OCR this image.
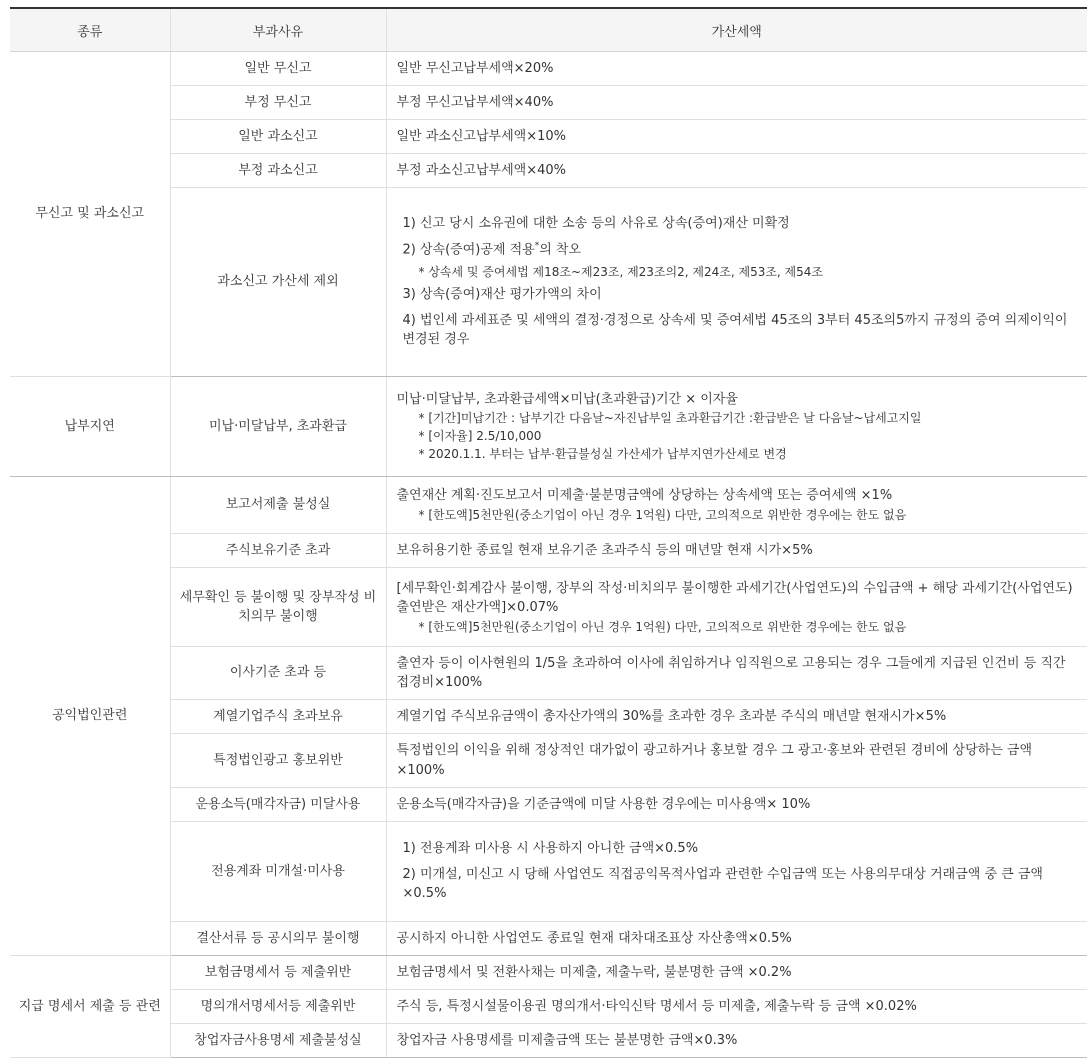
종류	부과사유	가산세액
무신고 및 과소신고	일반 무신고	일반 무신고납부세액×20%
	부정 무신고	부정 무신고납부세액×40%
	일반 과소신고	일반 과소신고납부세액×10%
	부정 과소신고	부정 과소신고납부세액×40%
	과소신고 가산세 제외	1) 신고 당시 소유권에 대한 소송 등의 사유로 상속(증여)재산 미확정
2) 상속(증여)공제 적용*의 착오
* 상속세 및 증여세법 제18조~제23조, 제23조의2, 제24조, 제53조, 제54조
3) 상속(증여)재산 평가가액의 차이
4) 법인세 과세표준 및 세액의 결정·경정으로 상속세 및 증여세법 45조의 3부터 45조의5까지 규정의 증여 의제이익이 변경된 경우

납부지연	미납·미달납부, 초과환급	미납·미달납부, 초과환급세액×미납(초과환급)기간 × 이자율
* [기간]미납기간 : 납부기간 다음날~자진납부일 초과환급기간 :환급받은 날 다음날~납세고지일
* [이자율] 2.5/10,000
* 2020.1.1. 부터는 납부·환급불성실 가산세가 납부지연가산세로 변경

공익법인관련	보고서제출 불성실	출연재산 계획·진도보고서 미제출·불분명금액에 상당하는 상속세액 또는 증여세액 ×1%
* [한도액]5천만원(중소기업이 아닌 경우 1억원) 다만, 고의적으로 위반한 경우에는 한도 없음

	주식보유기준 초과	보유허용기한 종료일 현재 보유기준 초과주식 등의 매년말 현재 시가×5%
	세무확인 등 불이행 및 장부작성 비치의무 불이행	[세무확인·회계감사 불이행, 장부의 작성·비치의무 불이행한 과세기간(사업연도)의 수입금액 + 해당 과세기간(사업연도) 출연받은 재산가액]×0.07%
* [한도액]5천만원(중소기업이 아닌 경우 1억원) 다만, 고의적으로 위반한 경우에는 한도 없음

	이사기준 초과 등	출연자 등이 이사현원의 1/5을 초과하여 이사에 취임하거나 임직원으로 고용되는 경우 그들에게 지급된 인건비 등 직간접경비×100%
	계열기업주식 초과보유	계열기업 주식보유금액이 총자산가액의 30%를 초과한 경우 초과분 주식의 매년말 현재시가×5%
	특정법인광고 홍보위반	특정법인의 이익을 위해 정상적인 대가없이 광고하거나 홍보할 경우 그 광고·홍보와 관련된 경비에 상당하는 금액×100%
	운용소득(매각자금) 미달사용	운용소득(매각자금)을 기준금액에 미달 사용한 경우에는 미사용액× 10%
	전용계좌 미개설·미사용	1) 전용계좌 미사용 시 사용하지 아니한 금액×0.5%
2) 미개설, 미신고 시 당해 사업연도 직접공익목적사업과 관련한 수입금액 또는 사용의무대상 거래금액 중 큰 금액×0.5%

	결산서류 등 공시의무 불이행	공시하지 아니한 사업연도 종료일 현재 대차대조표상 자산총액×0.5%
지급 명세서 제출 등 관련	보험금명세서 등 제출위반	보험금명세서 및 전환사채는 미제출, 제출누락, 불분명한 금액 ×0.2%
	명의개서명세서등 제출위반	주식 등, 특정시설물이용권 명의개서·타익신탁 명세서 등 미제출, 제출누락 등 금액 ×0.02%
	창업자금사용명세 제출불성실	창업자금 사용명세를 미제출금액 또는 불분명한 금액×0.3%
